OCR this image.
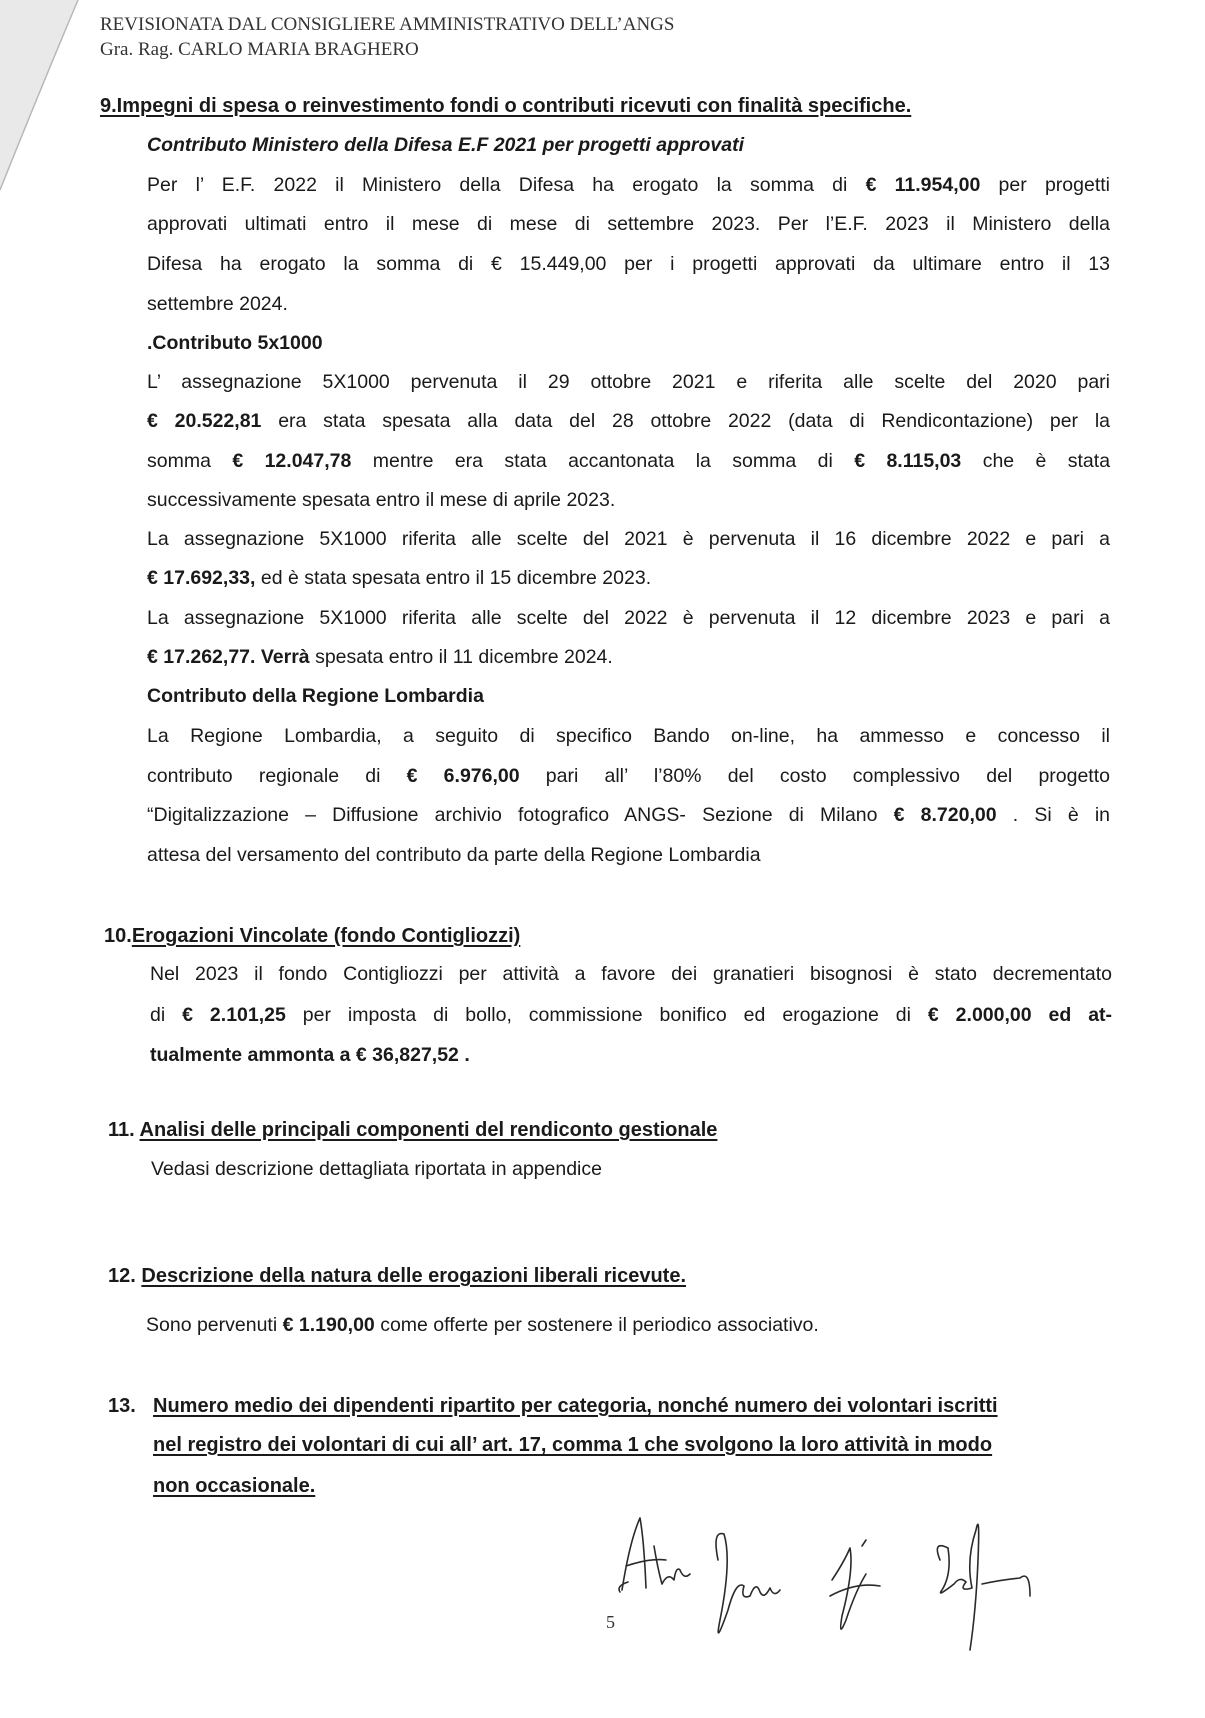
REVISIONATA DAL CONSIGLIERE AMMINISTRATIVO DELL’ANGS
Gra. Rag. CARLO MARIA BRAGHERO
9.Impegni di spesa o reinvestimento fondi o contributi ricevuti con finalità specifiche.
Contributo Ministero della Difesa E.F 2021 per progetti approvati
Per l’ E.F. 2022 il Ministero della Difesa ha erogato la somma di € 11.954,00 per progetti
approvati ultimati entro il mese di mese di settembre 2023. Per l’E.F. 2023 il Ministero della
Difesa ha erogato la somma di € 15.449,00 per i progetti approvati da ultimare entro il 13
settembre 2024.
.Contributo 5x1000
L’ assegnazione 5X1000 pervenuta il 29 ottobre 2021 e riferita alle scelte del 2020 pari
€ 20.522,81 era stata spesata alla data del 28 ottobre 2022 (data di Rendicontazione) per la
somma € 12.047,78 mentre era stata accantonata la somma di € 8.115,03 che è stata
successivamente spesata entro il mese di aprile 2023.
La assegnazione 5X1000 riferita alle scelte del 2021 è pervenuta il 16 dicembre 2022 e pari a
€ 17.692,33, ed è stata spesata entro il 15 dicembre 2023.
La assegnazione 5X1000 riferita alle scelte del 2022 è pervenuta il 12 dicembre 2023 e pari a
€ 17.262,77. Verrà spesata entro il 11 dicembre 2024.
Contributo della Regione Lombardia
La Regione Lombardia, a seguito di specifico Bando on-line, ha ammesso e concesso il
contributo regionale di € 6.976,00 pari all’ l’80% del costo complessivo del progetto
“Digitalizzazione – Diffusione archivio fotografico ANGS- Sezione di Milano € 8.720,00 . Si è in
attesa del versamento del contributo da parte della Regione Lombardia
10.Erogazioni Vincolate (fondo Contigliozzi)
Nel 2023 il fondo Contigliozzi per attività a favore dei granatieri bisognosi è stato decrementato
di € 2.101,25 per imposta di bollo, commissione bonifico ed erogazione di € 2.000,00 ed at-
tualmente ammonta a € 36,827,52 .
11. Analisi delle principali componenti del rendiconto gestionale
Vedasi descrizione dettagliata riportata in appendice
12. Descrizione della natura delle erogazioni liberali ricevute.
Sono pervenuti € 1.190,00 come offerte per sostenere il periodico associativo.
13. Numero medio dei dipendenti ripartito per categoria, nonché numero dei volontari iscritti
nel registro dei volontari di cui all’ art. 17, comma 1 che svolgono la loro attività in modo
non occasionale.
5
